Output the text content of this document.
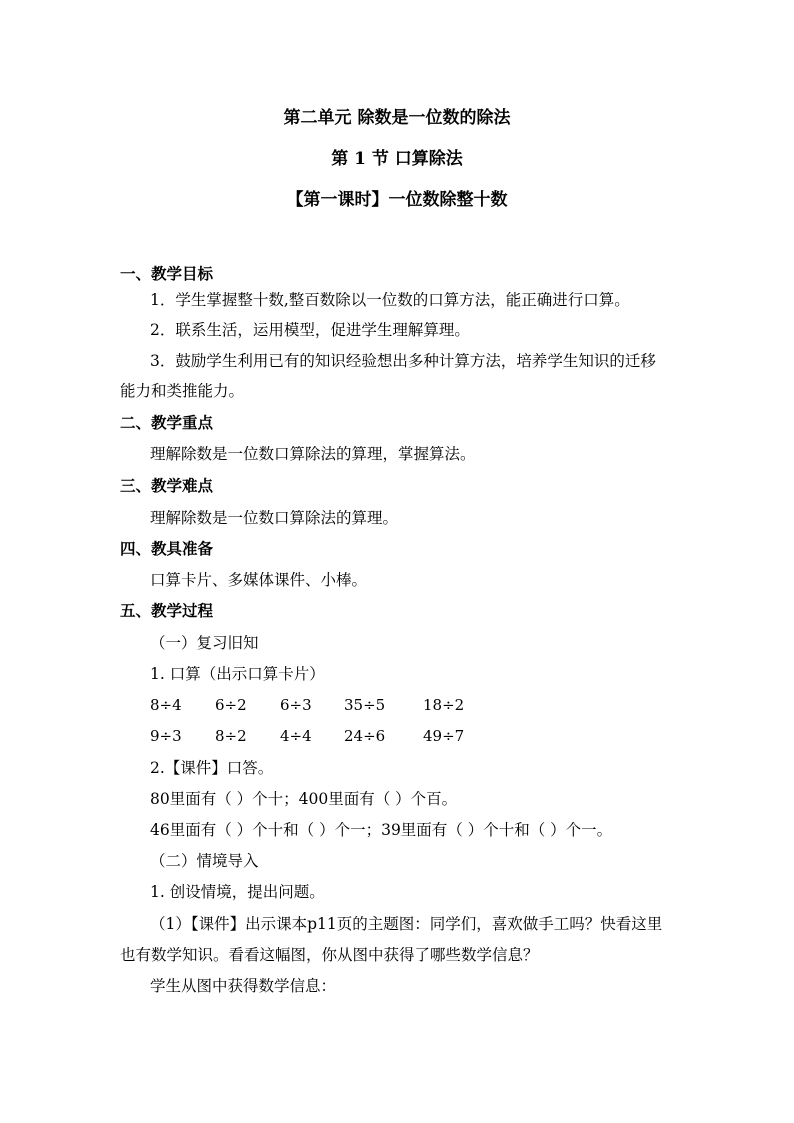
第二单元 除数是一位数的除法
第 1 节 口算除法
【第一课时】一位数除整十数
一、教学目标
1．学生掌握整十数,整百数除以一位数的口算方法，能正确进行口算。
2．联系生活，运用模型，促进学生理解算理。
3．鼓励学生利用已有的知识经验想出多种计算方法，培养学生知识的迁移
能力和类推能力。
二、教学重点
理解除数是一位数口算除法的算理，掌握算法。
三、教学难点
理解除数是一位数口算除法的算理。
四、教具准备
口算卡片、多媒体课件、小棒。
五、教学过程
（一）复习旧知
1. 口算（出示口算卡片）
8÷4 6÷2 6÷3 35÷5	18÷2
9÷3 8÷2 4÷4 24÷6	49÷7
2.【课件】口答。
80里面有（ ）个十；400里面有（ ）个百。
46里面有（ ）个十和（ ）个一；39里面有（ ）个十和（ ）个一。
（二）情境导入
1. 创设情境，提出问题。
（1）【课件】出示课本p11页的主题图：同学们，喜欢做手工吗？快看这里
也有数学知识。看看这幅图，你从图中获得了哪些数学信息？
学生从图中获得数学信息：
